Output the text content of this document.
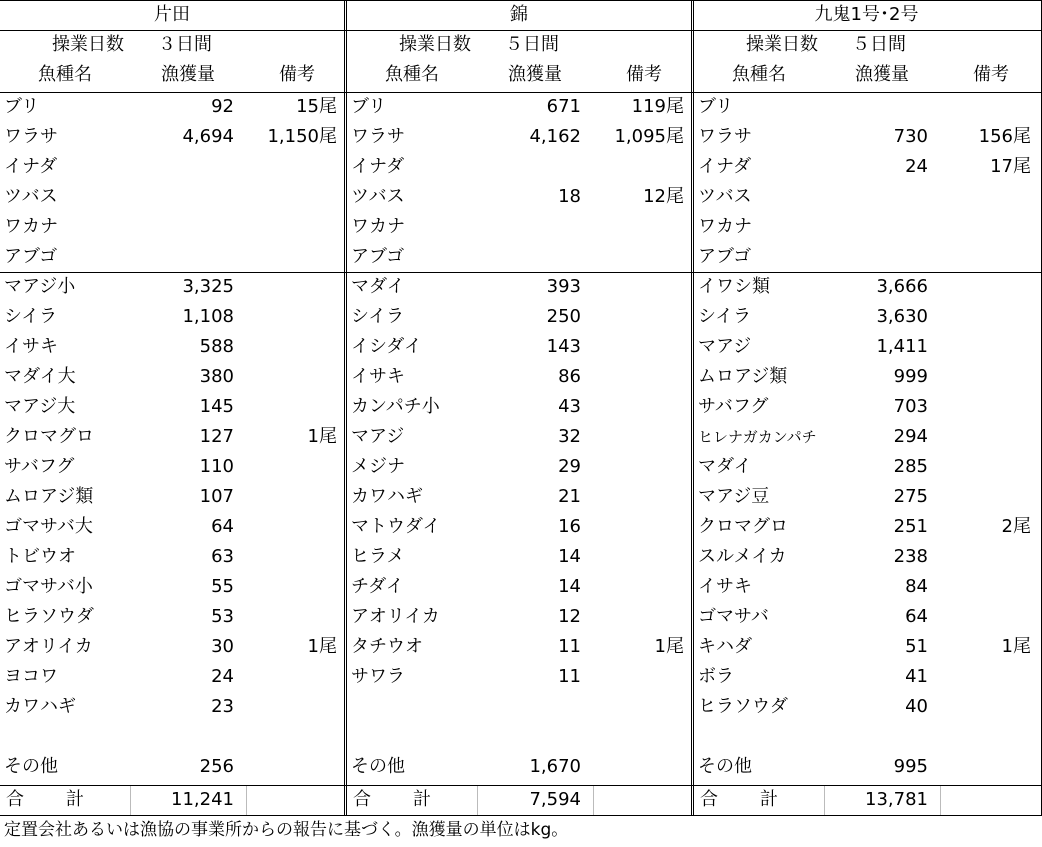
片田
操業日数 ３日間
魚種名	漁獲量	備考
ブリ	92	15尾
ワラサ	4,694	1,150尾
イナダ
ツバス
ワカナ
アブゴ
マアジ小	3,325
シイラ	1,108
イサキ	588
マダイ大	380
マアジ大	145
クロマグロ	127	1尾
サバフグ	110
ムロアジ類	107
ゴマサバ大	64
トビウオ	63
ゴマサバ小	55
ヒラソウダ	53
アオリイカ	30	1尾
ヨコワ	24
カワハギ	23
その他	256
合 計	11,241
錦
操業日数 ５日間
魚種名	漁獲量	備考
ブリ	671	119尾
ワラサ	4,162	1,095尾
イナダ
ツバス	18	12尾
ワカナ
アブゴ
マダイ	393
シイラ	250
イシダイ	143
イサキ	86
カンパチ小	43
マアジ	32
メジナ	29
カワハギ	21
マトウダイ	16
ヒラメ	14
チダイ	14
アオリイカ	12
タチウオ	11	1尾
サワラ	11
その他	1,670
合 計	7,594
九鬼1号･2号
操業日数 ５日間
魚種名	漁獲量	備考
ブリ
ワラサ	730	156尾
イナダ	24	17尾
ツバス
ワカナ
アブゴ
イワシ類	3,666
シイラ	3,630
マアジ	1,411
ムロアジ類	999
サバフグ	703
ヒレナガカンパチ	294
マダイ	285
マアジ豆	275
クロマグロ	251	2尾
スルメイカ	238
イサキ	84
ゴマサバ	64
キハダ	51	1尾
ボラ	41
ヒラソウダ	40
その他	995
合 計	13,781
定置会社あるいは漁協の事業所からの報告に基づく。漁獲量の単位はkg。
